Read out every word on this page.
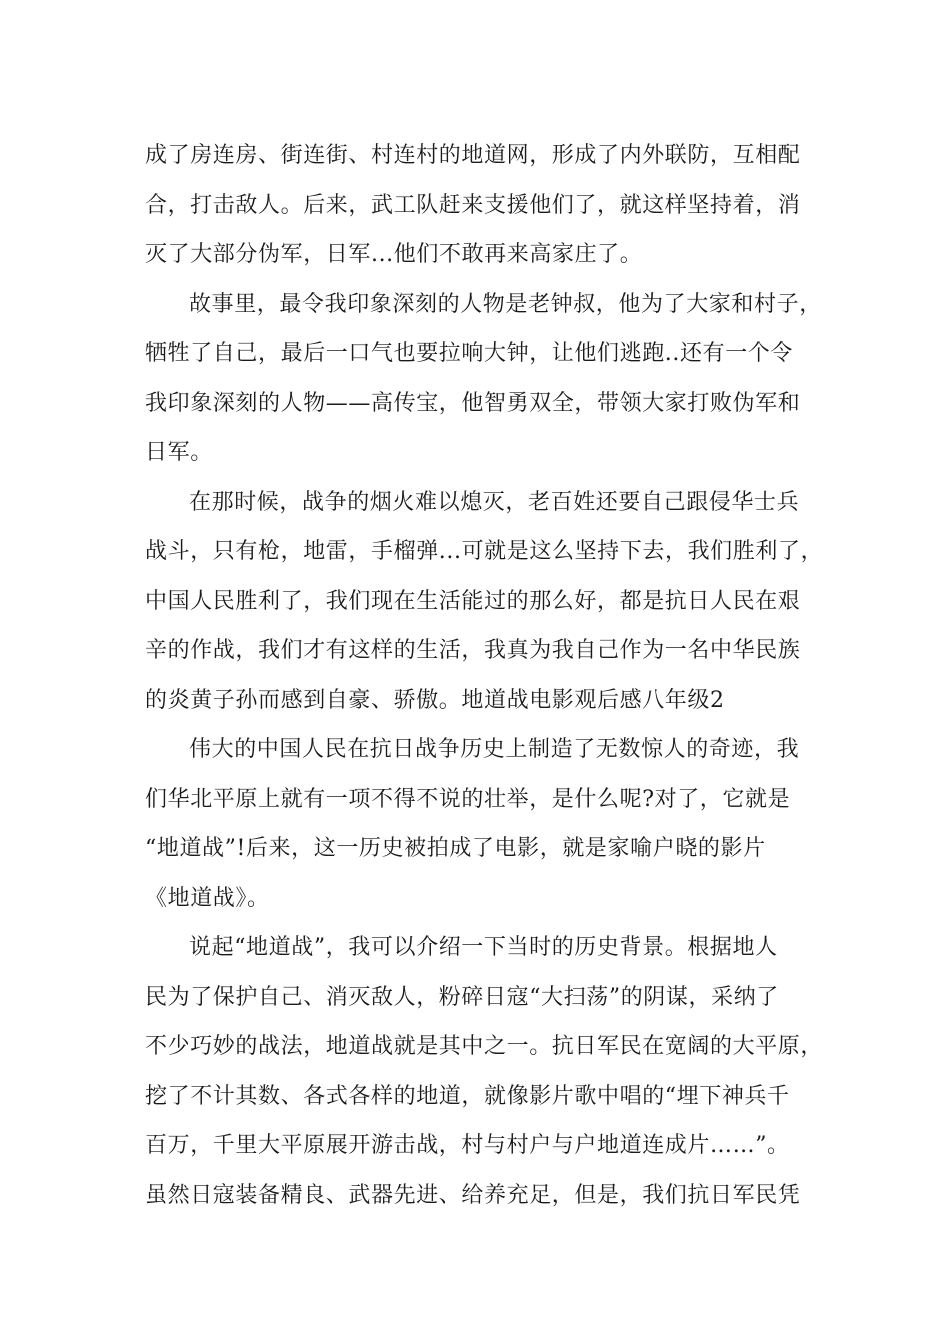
成了房连房、街连街、村连村的地道网，形成了内外联防，互相配
合，打击敌人。后来，武工队赶来支援他们了，就这样坚持着，消
灭了大部分伪军，日军...他们不敢再来高家庄了。
故事里，最令我印象深刻的人物是老钟叔，他为了大家和村子，
牺牲了自己，最后一口气也要拉响大钟，让他们逃跑..还有一个令
我印象深刻的人物——高传宝，他智勇双全，带领大家打败伪军和
日军。
在那时候，战争的烟火难以熄灭，老百姓还要自己跟侵华士兵
战斗，只有枪，地雷，手榴弹...可就是这么坚持下去，我们胜利了，
中国人民胜利了，我们现在生活能过的那么好，都是抗日人民在艰
辛的作战，我们才有这样的生活，我真为我自己作为一名中华民族
的炎黄子孙而感到自豪、骄傲。地道战电影观后感八年级2
伟大的中国人民在抗日战争历史上制造了无数惊人的奇迹，我
们华北平原上就有一项不得不说的壮举，是什么呢?对了，它就是
“地道战”!后来，这一历史被拍成了电影，就是家喻户晓的影片
《地道战》。
说起“地道战”，我可以介绍一下当时的历史背景。根据地人
民为了保护自己、消灭敌人，粉碎日寇“大扫荡”的阴谋，采纳了
不少巧妙的战法，地道战就是其中之一。抗日军民在宽阔的大平原，
挖了不计其数、各式各样的地道，就像影片歌中唱的“埋下神兵千
百万，千里大平原展开游击战，村与村户与户地道连成片……”。
虽然日寇装备精良、武器先进、给养充足，但是，我们抗日军民凭
